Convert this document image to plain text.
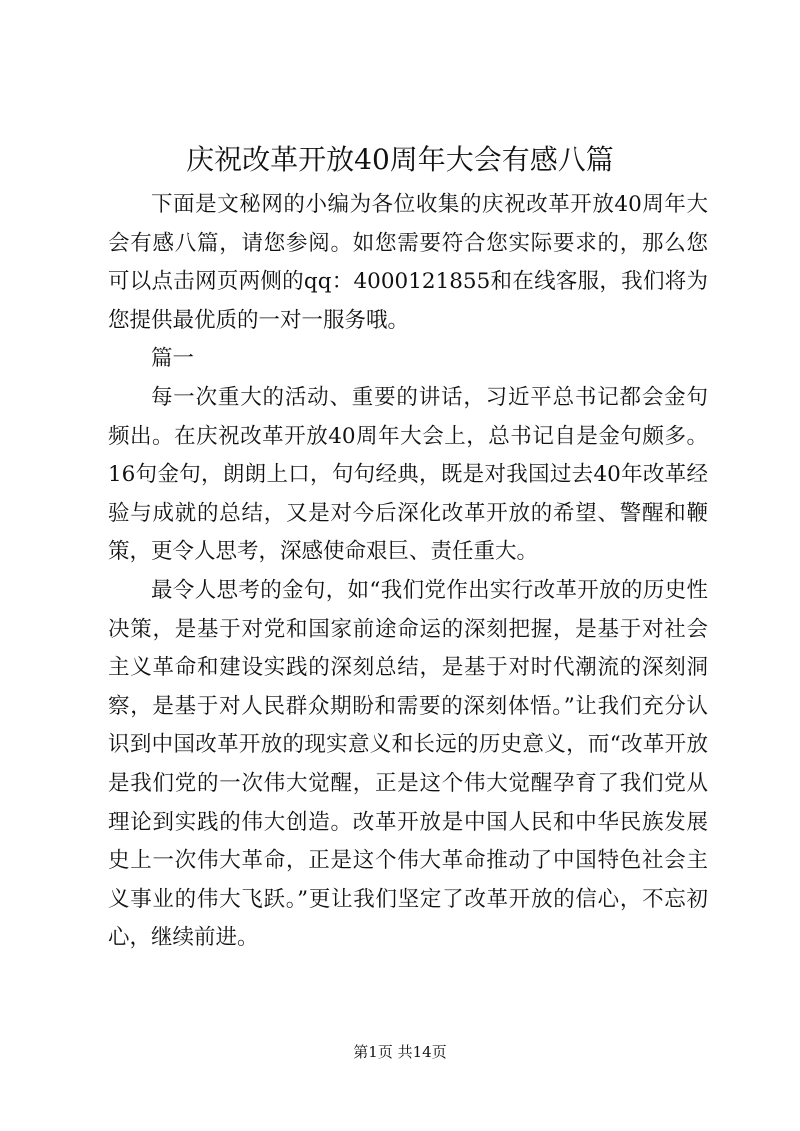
庆祝改革开放40周年大会有感八篇

下面是文秘网的小编为各位收集的庆祝改革开放40周年大会有感八篇，请您参阅。如您需要符合您实际要求的，那么您可以点击网页两侧的qq：4000121855和在线客服，我们将为您提供最优质的一对一服务哦。

篇一

每一次重大的活动、重要的讲话，习近平总书记都会金句频出。在庆祝改革开放40周年大会上，总书记自是金句颇多。16句金句，朗朗上口，句句经典，既是对我国过去40年改革经验与成就的总结，又是对今后深化改革开放的希望、警醒和鞭策，更令人思考，深感使命艰巨、责任重大。

最令人思考的金句，如“我们党作出实行改革开放的历史性决策，是基于对党和国家前途命运的深刻把握，是基于对社会主义革命和建设实践的深刻总结，是基于对时代潮流的深刻洞察，是基于对人民群众期盼和需要的深刻体悟。”让我们充分认识到中国改革开放的现实意义和长远的历史意义，而“改革开放是我们党的一次伟大觉醒，正是这个伟大觉醒孕育了我们党从理论到实践的伟大创造。改革开放是中国人民和中华民族发展史上一次伟大革命，正是这个伟大革命推动了中国特色社会主义事业的伟大飞跃。”更让我们坚定了改革开放的信心，不忘初心，继续前进。

第1页 共14页
